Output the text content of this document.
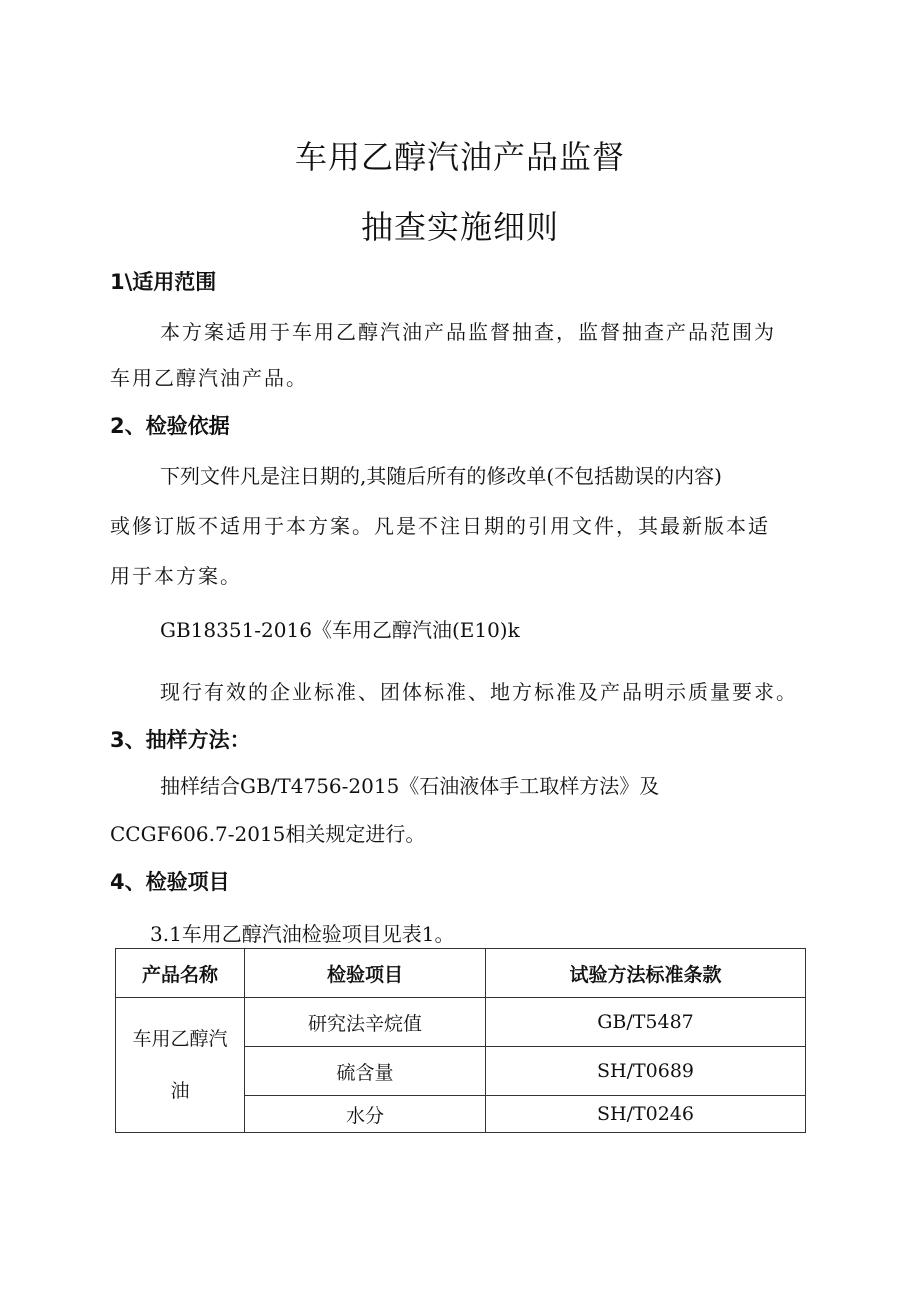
车用乙醇汽油产品监督
抽查实施细则
1\适用范围

本方案适用于车用乙醇汽油产品监督抽查，监督抽查产品范围为

车用乙醇汽油产品。

2、检验依据

下列文件凡是注日期的,其随后所有的修改单(不包括勘误的内容)

或修订版不适用于本方案。凡是不注日期的引用文件，其最新版本适

用于本方案。

GB18351-2016《车用乙醇汽油(E10)k

现行有效的企业标准、团体标准、地方标准及产品明示质量要求。

3、抽样方法：

抽样结合GB/T4756-2015《石油液体手工取样方法》及

CCGF606.7-2015相关规定进行。

4、检验项目

3.1车用乙醇汽油检验项目见表1。

产品名称	检验项目	试验方法标准条款
车用乙醇汽油	研究法辛烷值	GB/T5487
	硫含量	SH/T0689
	水分	SH/T0246
